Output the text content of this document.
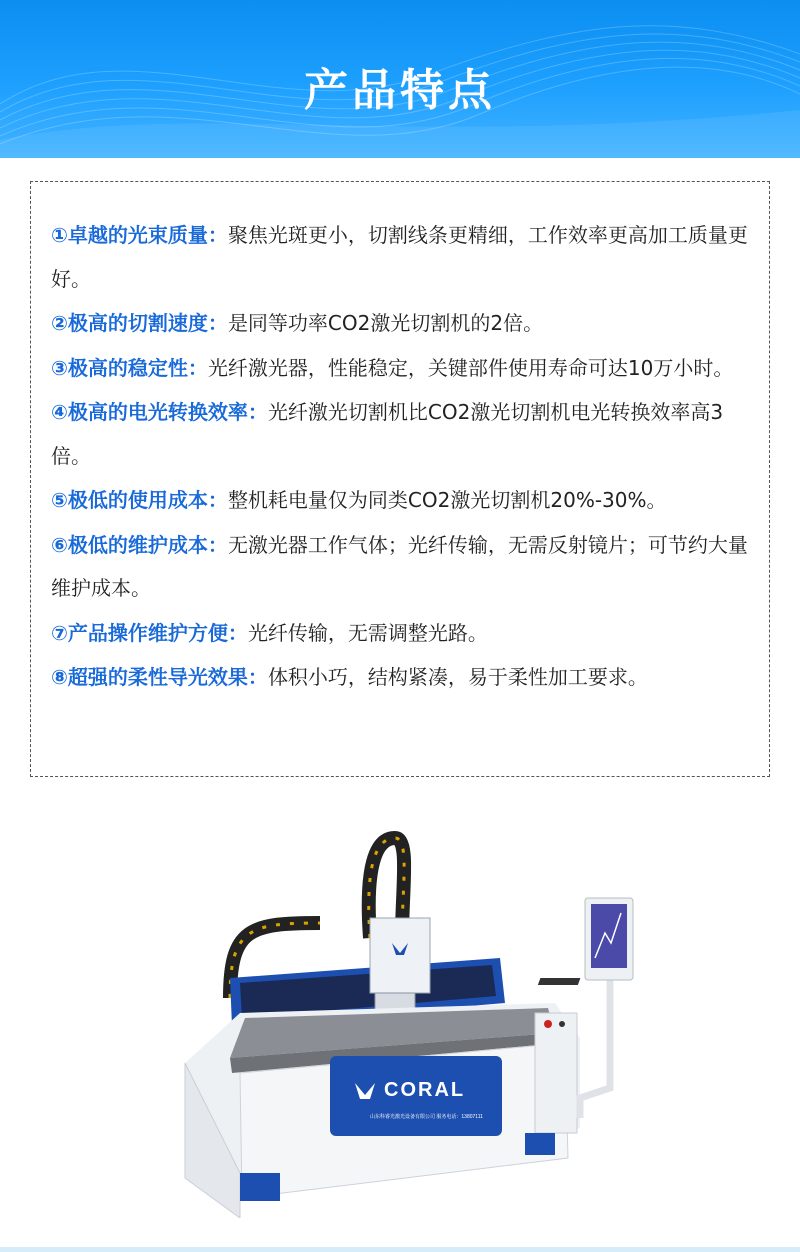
产品特点
①卓越的光束质量：聚焦光斑更小，切割线条更精细，工作效率更高加工质量更好。
②极高的切割速度：是同等功率CO2激光切割机的2倍。
③极高的稳定性：光纤激光器，性能稳定，关键部件使用寿命可达10万小时。
④极高的电光转换效率：光纤激光切割机比CO2激光切割机电光转换效率高3倍。
⑤极低的使用成本：整机耗电量仅为同类CO2激光切割机20%-30%。
⑥极低的维护成本：无激光器工作气体；光纤传输，无需反射镜片；可节约大量维护成本。
⑦产品操作维护方便：光纤传输，无需调整光路。
⑧超强的柔性导光效果：体积小巧，结构紧凑，易于柔性加工要求。
CORAL
山东科睿光激光设备有限公司 服务电话：13807111
